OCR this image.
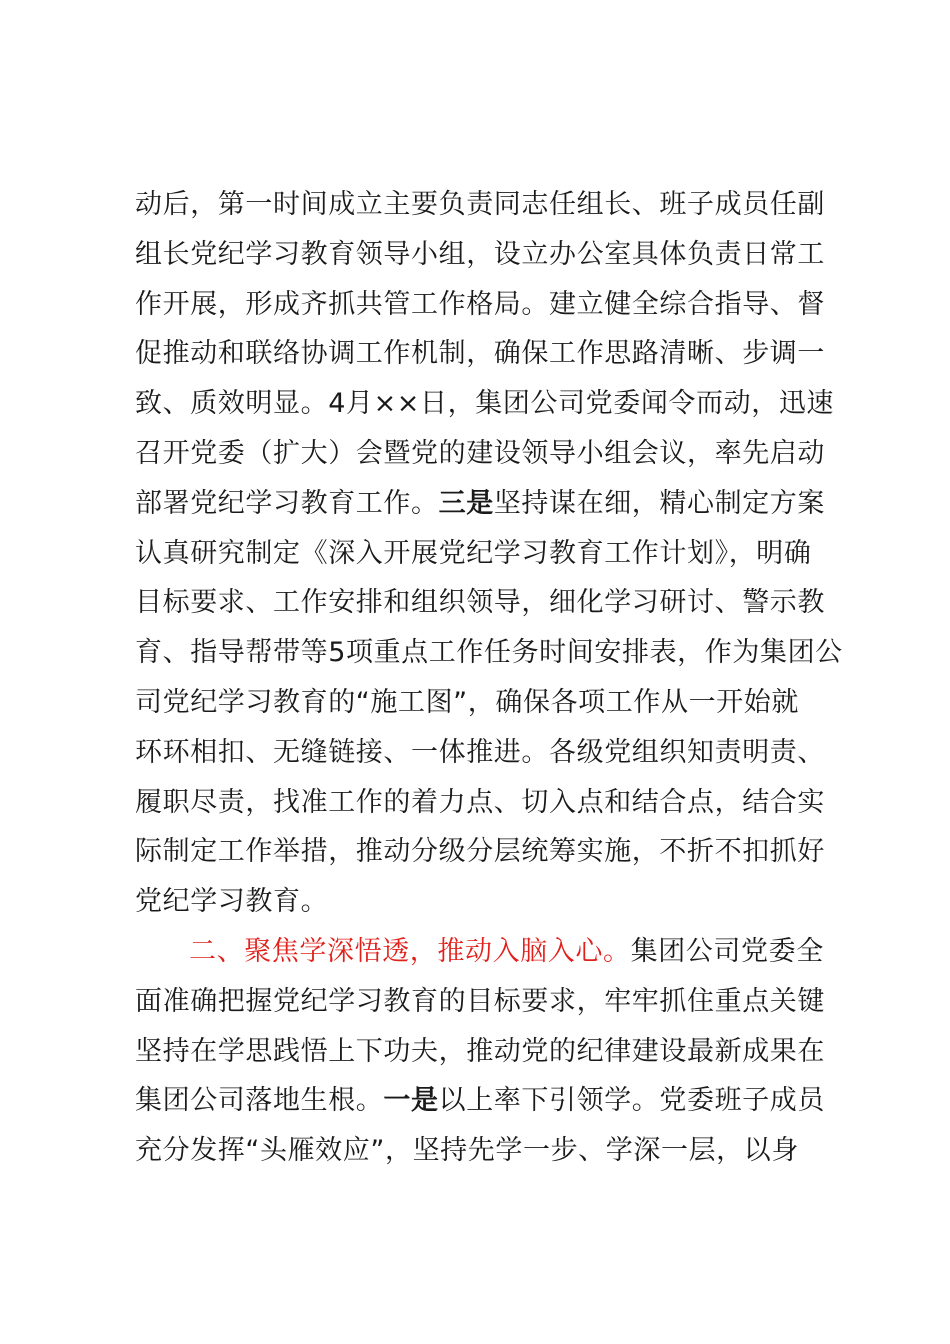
动后，第一时间成立主要负责同志任组长、班子成员任副
组长党纪学习教育领导小组，设立办公室具体负责日常工
作开展，形成齐抓共管工作格局。建立健全综合指导、督
促推动和联络协调工作机制，确保工作思路清晰、步调一
致、质效明显。4月××日，集团公司党委闻令而动，迅速
召开党委（扩大）会暨党的建设领导小组会议，率先启动
部署党纪学习教育工作。三是坚持谋在细，精心制定方案
认真研究制定《深入开展党纪学习教育工作计划》，明确
目标要求、工作安排和组织领导，细化学习研讨、警示教
育、指导帮带等5项重点工作任务时间安排表，作为集团公
司党纪学习教育的“施工图”，确保各项工作从一开始就
环环相扣、无缝链接、一体推进。各级党组织知责明责、
履职尽责，找准工作的着力点、切入点和结合点，结合实
际制定工作举措，推动分级分层统筹实施，不折不扣抓好
党纪学习教育。
二、聚焦学深悟透，推动入脑入心。集团公司党委全
面准确把握党纪学习教育的目标要求，牢牢抓住重点关键
坚持在学思践悟上下功夫，推动党的纪律建设最新成果在
集团公司落地生根。一是以上率下引领学。党委班子成员
充分发挥“头雁效应”，坚持先学一步、学深一层，以身
